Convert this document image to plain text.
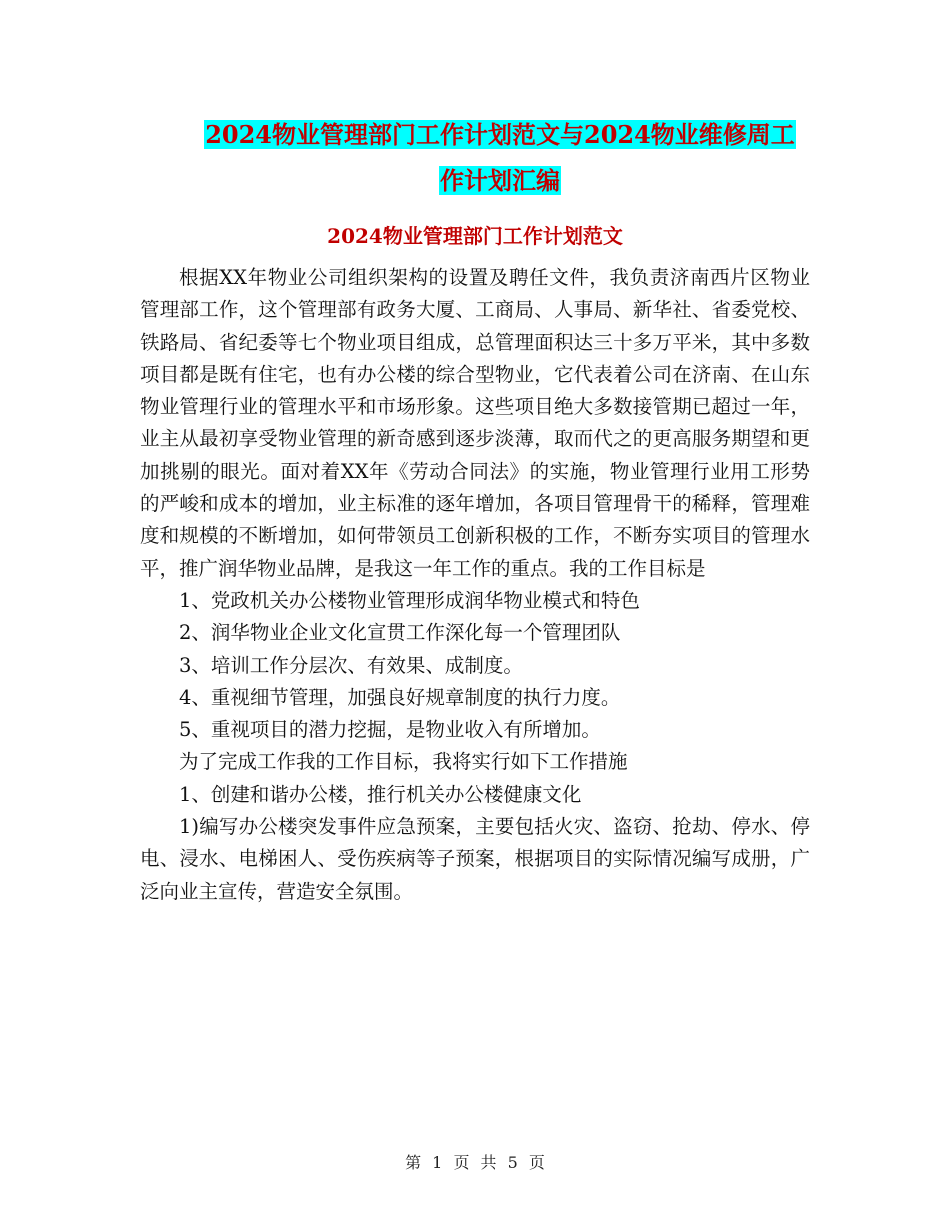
2024物业管理部门工作计划范文与2024物业维修周工
作计划汇编
2024物业管理部门工作计划范文

根据XX年物业公司组织架构的设置及聘任文件，我负责济南西片区物业管理部工作，这个管理部有政务大厦、工商局、人事局、新华社、省委党校、铁路局、省纪委等七个物业项目组成，总管理面积达三十多万平米，其中多数项目都是既有住宅，也有办公楼的综合型物业，它代表着公司在济南、在山东物业管理行业的管理水平和市场形象。这些项目绝大多数接管期已超过一年，业主从最初享受物业管理的新奇感到逐步淡薄，取而代之的更高服务期望和更加挑剔的眼光。面对着XX年《劳动合同法》的实施，物业管理行业用工形势的严峻和成本的增加，业主标准的逐年增加，各项目管理骨干的稀释，管理难度和规模的不断增加，如何带领员工创新积极的工作，不断夯实项目的管理水平，推广润华物业品牌，是我这一年工作的重点。我的工作目标是

1、党政机关办公楼物业管理形成润华物业模式和特色

2、润华物业企业文化宣贯工作深化每一个管理团队

3、培训工作分层次、有效果、成制度。

4、重视细节管理，加强良好规章制度的执行力度。

5、重视项目的潜力挖掘，是物业收入有所增加。

为了完成工作我的工作目标，我将实行如下工作措施

1、创建和谐办公楼，推行机关办公楼健康文化

1)编写办公楼突发事件应急预案，主要包括火灾、盗窃、抢劫、停水、停电、浸水、电梯困人、受伤疾病等子预案，根据项目的实际情况编写成册，广泛向业主宣传，营造安全氛围。

第 1 页 共 5 页
